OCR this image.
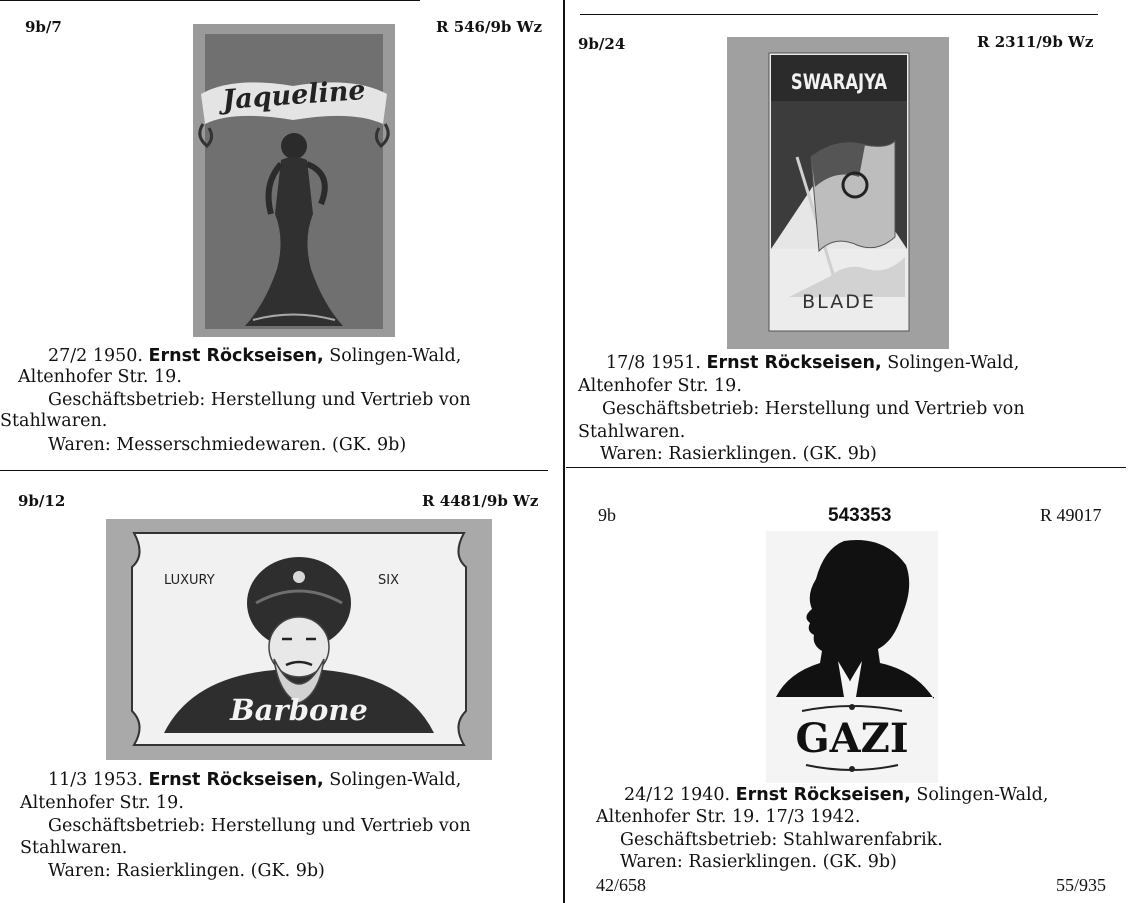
9b/7	R 546/9b Wz
Jaqueline
27/2 1950. Ernst Röckseisen, Solingen-Wald,
Altenhofer Str. 19.
Geschäftsbetrieb: Herstellung und Vertrieb von
Stahlwaren.
Waren: Messerschmiedewaren. (GK. 9b)
9b/24	R 2311/9b Wz
SWARAJYA
BLADE
17/8 1951. Ernst Röckseisen, Solingen-Wald,
Altenhofer Str. 19.
Geschäftsbetrieb: Herstellung und Vertrieb von
Stahlwaren.
Waren: Rasierklingen. (GK. 9b)
9b/12	R 4481/9b Wz
LUXURY	SIX
Barbone
11/3 1953. Ernst Röckseisen, Solingen-Wald,
Altenhofer Str. 19.
Geschäftsbetrieb: Herstellung und Vertrieb von
Stahlwaren.
Waren: Rasierklingen. (GK. 9b)
9b	543353	R 49017
GAZI
24/12 1940. Ernst Röckseisen, Solingen-Wald,
Altenhofer Str. 19. 17/3 1942.
Geschäftsbetrieb: Stahlwarenfabrik.
Waren: Rasierklingen. (GK. 9b)
42/658	55/935
